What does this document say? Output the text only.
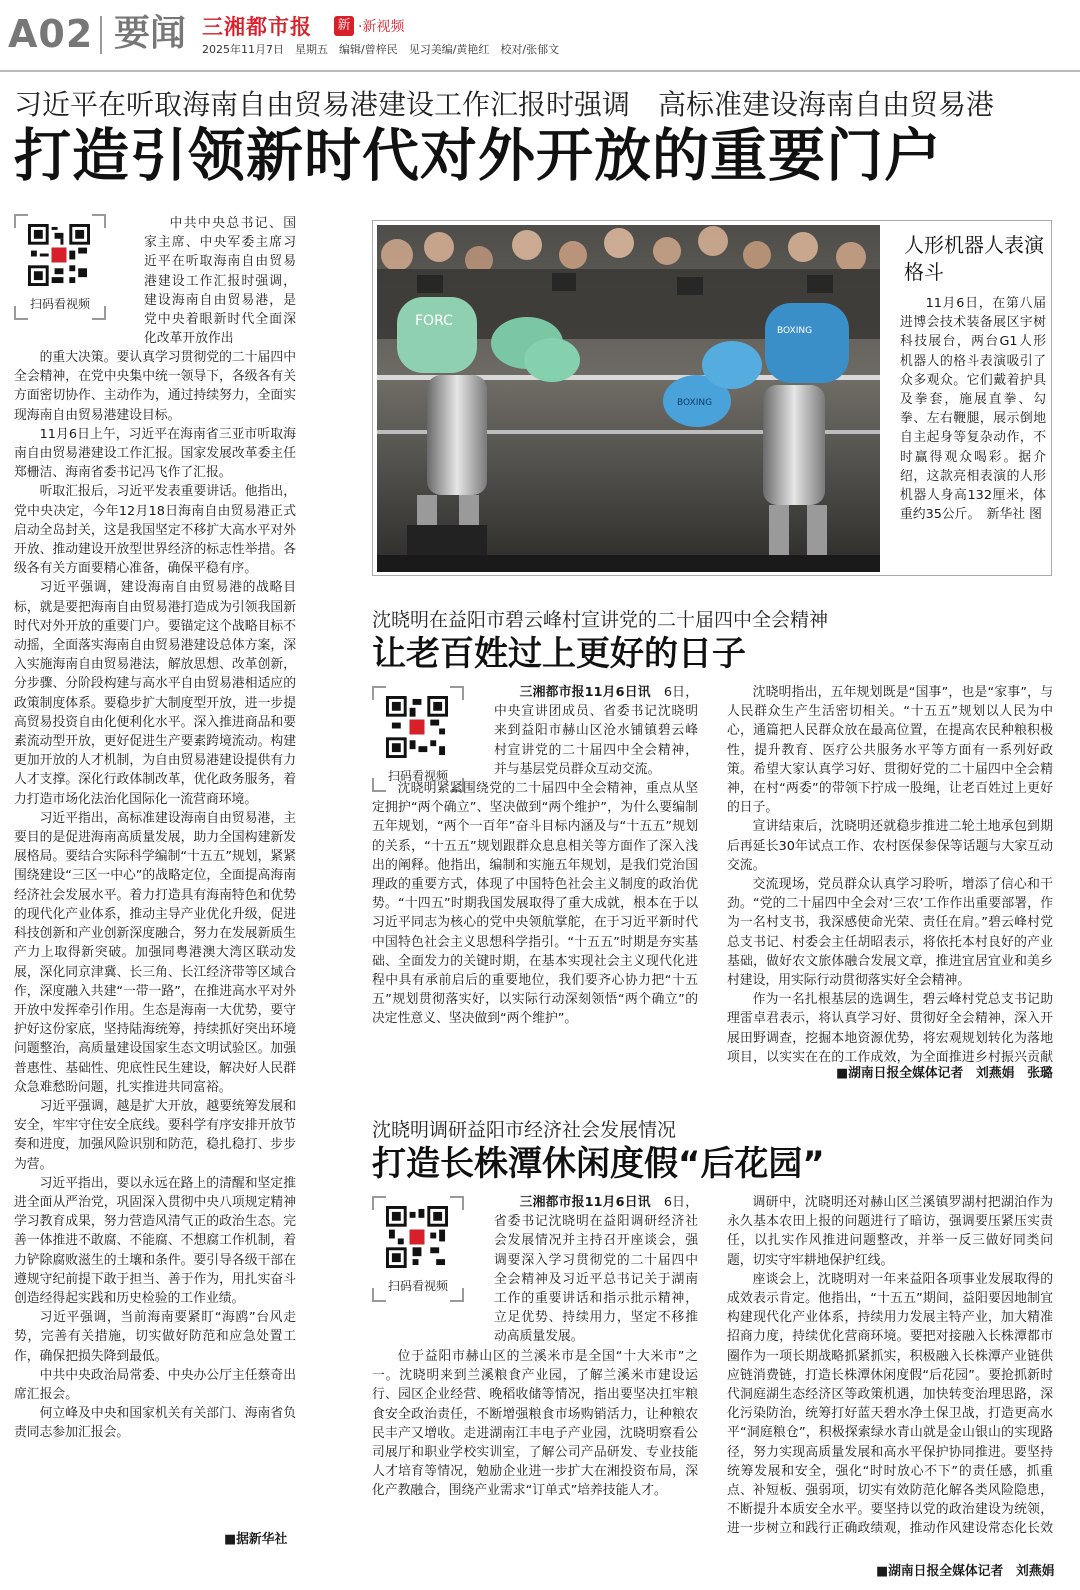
A02 要闻 三湘都市报 新 ·新视频
2025年11月7日　星期五　编辑/曾梓民　见习美编/黄艳红　校对/张郁文
习近平在听取海南自由贸易港建设工作汇报时强调　高标准建设海南自由贸易港
打造引领新时代对外开放的重要门户
扫码看视频

中共中央总书记、国家主席、中央军委主席习近平在听取海南自由贸易港建设工作汇报时强调，建设海南自由贸易港，是党中央着眼新时代全面深化改革开放作出

的重大决策。要认真学习贯彻党的二十届四中全会精神，在党中央集中统一领导下，各级各有关方面密切协作、主动作为，通过持续努力，全面实现海南自由贸易港建设目标。

11月6日上午，习近平在海南省三亚市听取海南自由贸易港建设工作汇报。国家发展改革委主任郑栅洁、海南省委书记冯飞作了汇报。

听取汇报后，习近平发表重要讲话。他指出，党中央决定，今年12月18日海南自由贸易港正式启动全岛封关，这是我国坚定不移扩大高水平对外开放、推动建设开放型世界经济的标志性举措。各级各有关方面要精心准备，确保平稳有序。

习近平强调，建设海南自由贸易港的战略目标，就是要把海南自由贸易港打造成为引领我国新时代对外开放的重要门户。要锚定这个战略目标不动摇，全面落实海南自由贸易港建设总体方案，深入实施海南自由贸易港法，解放思想、改革创新，分步骤、分阶段构建与高水平自由贸易港相适应的政策制度体系。要稳步扩大制度型开放，进一步提高贸易投资自由化便利化水平。深入推进商品和要素流动型开放，更好促进生产要素跨境流动。构建更加开放的人才机制，为自由贸易港建设提供有力人才支撑。深化行政体制改革，优化政务服务，着力打造市场化法治化国际化一流营商环境。

习近平指出，高标准建设海南自由贸易港，主要目的是促进海南高质量发展，助力全国构建新发展格局。要结合实际科学编制“十五五”规划，紧紧围绕建设“三区一中心”的战略定位，全面提高海南经济社会发展水平。着力打造具有海南特色和优势的现代化产业体系，推动主导产业优化升级，促进科技创新和产业创新深度融合，努力在发展新质生产力上取得新突破。加强同粤港澳大湾区联动发展，深化同京津冀、长三角、长江经济带等区域合作，深度融入共建“一带一路”，在推进高水平对外开放中发挥牵引作用。生态是海南一大优势，要守护好这份家底，坚持陆海统筹，持续抓好突出环境问题整治，高质量建设国家生态文明试验区。加强普惠性、基础性、兜底性民生建设，解决好人民群众急难愁盼问题，扎实推进共同富裕。

习近平强调，越是扩大开放，越要统筹发展和安全，牢牢守住安全底线。要科学有序安排开放节奏和进度，加强风险识别和防范，稳扎稳打、步步为营。

习近平指出，要以永远在路上的清醒和坚定推进全面从严治党，巩固深入贯彻中央八项规定精神学习教育成果，努力营造风清气正的政治生态。完善一体推进不敢腐、不能腐、不想腐工作机制，着力铲除腐败滋生的土壤和条件。要引导各级干部在遵规守纪前提下敢于担当、善于作为，用扎实奋斗创造经得起实践和历史检验的工作业绩。

习近平强调，当前海南要紧盯“海鸥”台风走势，完善有关措施，切实做好防范和应急处置工作，确保把损失降到最低。

中共中央政治局常委、中央办公厅主任蔡奇出席汇报会。

何立峰及中央和国家机关有关部门、海南省负责同志参加汇报会。

■据新华社
FORC
BOXING
BOXING
人形机器人表演格斗

11月6日，在第八届进博会技术装备展区宇树科技展台，两台G1人形机器人的格斗表演吸引了众多观众。它们戴着护具及拳套，施展直拳、勾拳、左右鞭腿，展示倒地自主起身等复杂动作，不时赢得观众喝彩。据介绍，这款亮相表演的人形机器人身高132厘米，体重约35公斤。　新华社 图

沈晓明在益阳市碧云峰村宣讲党的二十届四中全会精神
让老百姓过上更好的日子
扫码看视频

三湘都市报11月6日讯　 6日，中央宣讲团成员、省委书记沈晓明来到益阳市赫山区沧水铺镇碧云峰村宣讲党的二十届四中全会精神，并与基层党员群众互动交流。

沈晓明紧紧围绕党的二十届四中全会精神，重点从坚定拥护“两个确立”、坚决做到“两个维护”，为什么要编制五年规划，“两个一百年”奋斗目标内涵及与“十五五”规划的关系，“十五五”规划跟群众息息相关等方面作了深入浅出的阐释。他指出，编制和实施五年规划，是我们党治国理政的重要方式，体现了中国特色社会主义制度的政治优势。“十四五”时期我国发展取得了重大成就，根本在于以习近平同志为核心的党中央领航掌舵，在于习近平新时代中国特色社会主义思想科学指引。“十五五”时期是夯实基础、全面发力的关键时期，在基本实现社会主义现代化进程中具有承前启后的重要地位，我们要齐心协力把“十五五”规划贯彻落实好，以实际行动深刻领悟“两个确立”的决定性意义、坚决做到“两个维护”。

沈晓明指出，五年规划既是“国事”，也是“家事”，与人民群众生产生活密切相关。“十五五”规划以人民为中心，通篇把人民群众放在最高位置，在提高农民种粮积极性，提升教育、医疗公共服务水平等方面有一系列好政策。希望大家认真学习好、贯彻好党的二十届四中全会精神，在村“两委”的带领下拧成一股绳，让老百姓过上更好的日子。

宣讲结束后，沈晓明还就稳步推进二轮土地承包到期后再延长30年试点工作、农村医保参保等话题与大家互动交流。

交流现场，党员群众认真学习聆听，增添了信心和干劲。“党的二十届四中全会对‘三农’工作作出重要部署，作为一名村支书，我深感使命光荣、责任在肩。”碧云峰村党总支书记、村委会主任胡昭表示，将依托本村良好的产业基础，做好农文旅体融合发展文章，推进宜居宜业和美乡村建设，用实际行动贯彻落实好全会精神。

作为一名扎根基层的选调生，碧云峰村党总支书记助理雷卓君表示，将认真学习好、贯彻好全会精神，深入开展田野调查，挖掘本地资源优势，将宏观规划转化为落地项目，以实实在在的工作成效，为全面推进乡村振兴贡献

■湖南日报全媒体记者　刘燕娟　张璐
沈晓明调研益阳市经济社会发展情况
打造长株潭休闲度假“后花园”
扫码看视频

三湘都市报11月6日讯　 6日，省委书记沈晓明在益阳调研经济社会发展情况并主持召开座谈会，强调要深入学习贯彻党的二十届四中全会精神及习近平总书记关于湖南工作的重要讲话和指示批示精神，立足优势、持续用力，坚定不移推动高质量发展。

位于益阳市赫山区的兰溪米市是全国“十大米市”之一。沈晓明来到兰溪粮食产业园，了解兰溪米市建设运行、园区企业经营、晚稻收储等情况，指出要坚决扛牢粮食安全政治责任，不断增强粮食市场购销活力，让种粮农民丰产又增收。走进湖南江丰电子产业园，沈晓明察看公司展厅和职业学校实训室，了解公司产品研发、专业技能人才培育等情况，勉励企业进一步扩大在湘投资布局，深化产教融合，围绕产业需求“订单式”培养技能人才。

调研中，沈晓明还对赫山区兰溪镇罗湖村把湖泊作为永久基本农田上报的问题进行了暗访，强调要压紧压实责任，以扎实作风推进问题整改，并举一反三做好同类问题，切实守牢耕地保护红线。

座谈会上，沈晓明对一年来益阳各项事业发展取得的成效表示肯定。他指出，“十五五”期间，益阳要因地制宜构建现代化产业体系，持续用力发展主特产业，加大精准招商力度，持续优化营商环境。要把对接融入长株潭都市圈作为一项长期战略抓紧抓实，积极融入长株潭产业链供应链消费链，打造长株潭休闲度假“后花园”。要抢抓新时代洞庭湖生态经济区等政策机遇，加快转变治理思路，深化污染防治，统筹打好蓝天碧水净土保卫战，打造更高水平“洞庭粮仓”，积极探索绿水青山就是金山银山的实现路径，努力实现高质量发展和高水平保护协同推进。要坚持统筹发展和安全，强化“时时放心不下”的责任感，抓重点、补短板、强弱项，切实有效防范化解各类风险隐患，不断提升本质安全水平。要坚持以党的政治建设为统领，进一步树立和践行正确政绩观，推动作风建设常态化长效

■湖南日报全媒体记者　刘燕娟
